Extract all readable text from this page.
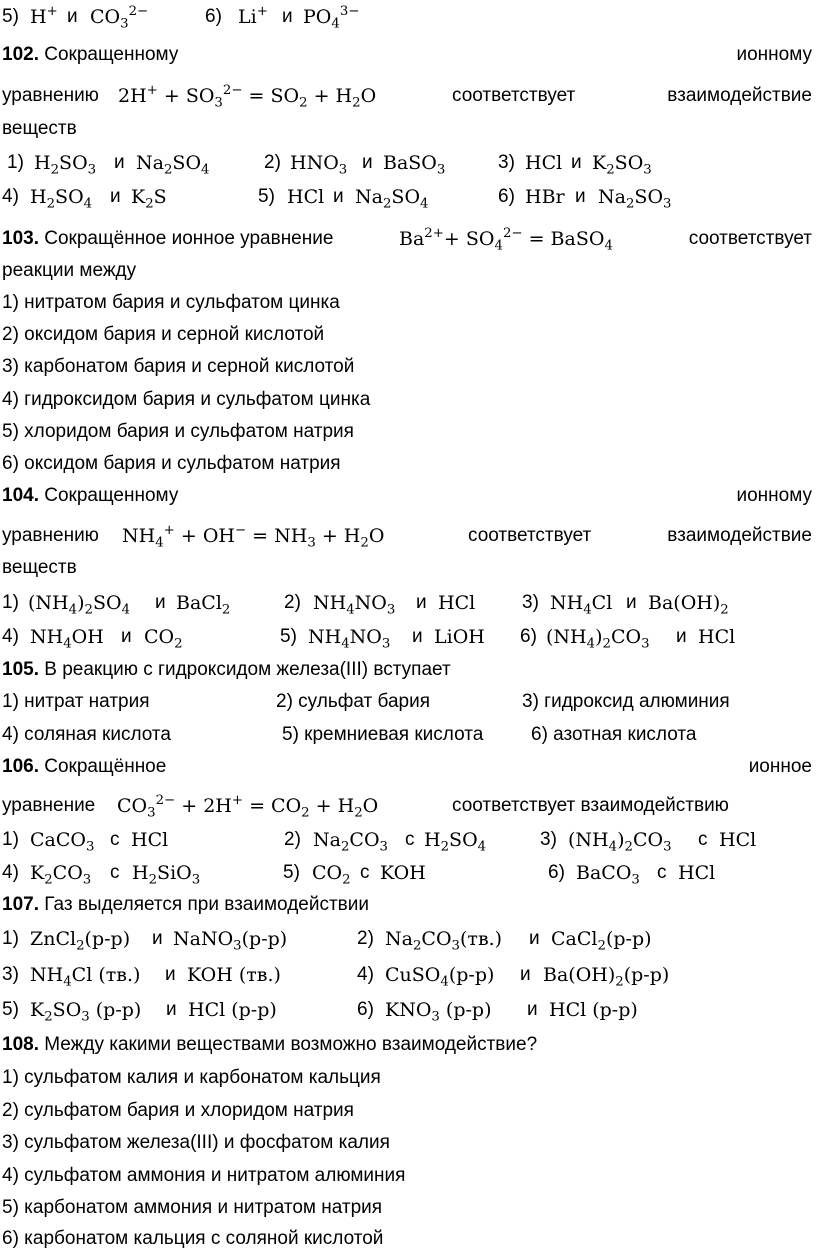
5) H+ и $CO_3^{2-}$	6) Li+ и $PO_4^{3-}$
102. Сокращенному	ионному
уравнению $2H^+ + SO_3^{2-} = SO_2 + H_2O$	соответствует	взаимодействие
веществ
1) $H_2SO_3$ и $Na_2SO_4$	2) $HNO_3$ и BaSO$_3$	3) HCl и $K_2SO_3$
4) $H_2SO_4$ и $K_2S$	5) HCl и $Na_2SO_4$	6) HBr и $Na_2SO_3$
103. Сокращённое ионное уравнение	$Ba^{2+}+ SO_4^{2-}$ = BaSO$_4$	соответствует
реакции между
1) нитратом бария и сульфатом цинка
2) оксидом бария и серной кислотой
3) карбонатом бария и серной кислотой
4) гидроксидом бария и сульфатом цинка
5) хлоридом бария и сульфатом натрия
6) оксидом бария и сульфатом натрия
104. Сокращенному	ионному
уравнению $NH_4^+ + OH^- = NH_3 + H_2O$	соответствует	взаимодействие
веществ
1) $(NH_4)_2SO_4$ и BaCl$_2$	2) $NH_4NO_3$ и HCl 3) $NH_4Cl$ и $Ba(OH)_2$
4) $NH_4OH$ и $CO_2$	5) $NH_4NO_3$ и LiOH 6) $(NH_4)_2CO_3$ и HCl
105. В реакцию с гидроксидом железа(III) вступает
1) нитрат натрия	2) сульфат бария	3) гидроксид алюминия
4) соляная кислота	5) кремниевая кислота	6) азотная кислота
106. Сокращённое	ионное
уравнение $CO_3^{2-} + 2H^+ = CO_2 + H_2O$	соответствует взаимодействию
1) CaCO$_3$ с HCl	2) $Na_2CO_3$ с $H_2SO_4$	3) $(NH_4)_2CO_3$ с HCl
4) $K_2CO_3$ с $H_2SiO_3$	5) $CO_2$ с KOH	6) BaCO$_3$ с HCl
107. Газ выделяется при взаимодействии
1) ZnCl$_2$(р-р) и NaNO$_3$(р-р)	2) $Na_2CO_3(тв.)$ и CaCl$_2$(р-р)
3) $NH_4Cl$ (тв.) и KOH (тв.)	4) CuSO$_4$(р-р) и $Ba(OH)_2(р-р)$
5) $K_2SO_3$ (р-р) и HCl (р-р)	6) $KNO_3$ (р-р) и HCl (р-р)
108. Между какими веществами возможно взаимодействие?
1) сульфатом калия и карбонатом кальция
2) сульфатом бария и хлоридом натрия
3) сульфатом железа(III) и фосфатом калия
4) сульфатом аммония и нитратом алюминия
5) карбонатом аммония и нитратом натрия
6) карбонатом кальция с соляной кислотой
